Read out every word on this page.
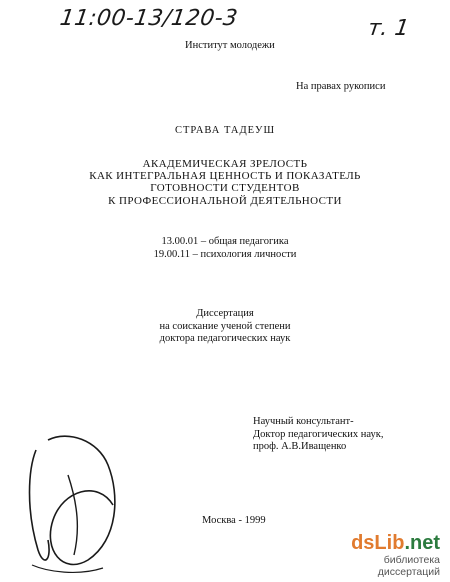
11:00-13/120-3	т. 1
Институт молодежи
На правах рукописи
СТРАВА ТАДЕУШ
АКАДЕМИЧЕСКАЯ ЗРЕЛОСТЬ
КАК ИНТЕГРАЛЬНАЯ ЦЕННОСТЬ И ПОКАЗАТЕЛЬ
ГОТОВНОСТИ СТУДЕНТОВ
К ПРОФЕССИОНАЛЬНОЙ ДЕЯТЕЛЬНОСТИ
13.00.01 – общая педагогика
19.00.11 – психология личности
Диссертация
на соискание ученой степени
доктора педагогических наук
Научный консультант-
Доктор педагогических наук,
проф. А.В.Иващенко
Москва - 1999
dsLib.net
библиотека диссертаций
